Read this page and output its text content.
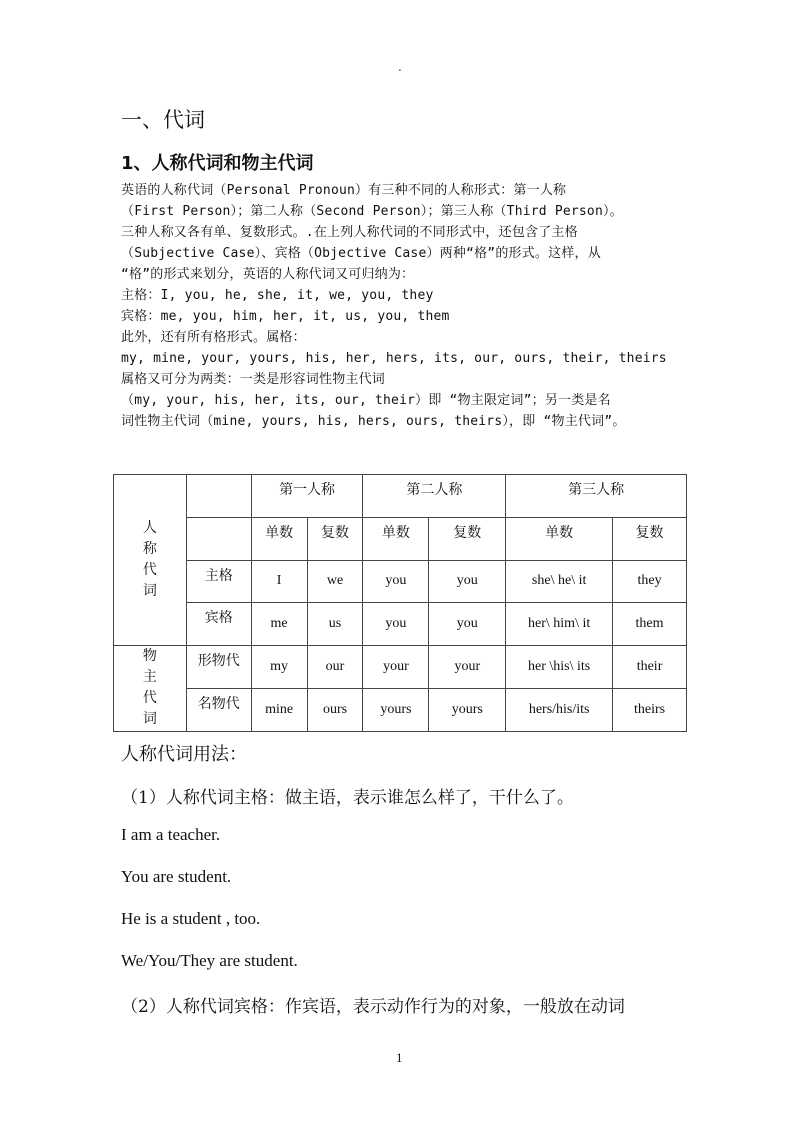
.
一、代词
1、人称代词和物主代词
英语的人称代词（Personal Pronoun）有三种不同的人称形式：第一人称
（First Person）；第二人称（Second Person）；第三人称（Third Person）。
三种人称又各有单、复数形式。.在上列人称代词的不同形式中，还包含了主格
（Subjective Case）、宾格（Objective Case）两种“格”的形式。这样，从
“格”的形式来划分，英语的人称代词又可归纳为：
主格：I, you, he, she, it, we, you, they
宾格：me, you, him, her, it, us, you, them
此外，还有所有格形式。属格：
my, mine, your, yours, his, her, hers, its, our, ours, their, theirs
属格又可分为两类：一类是形容词性物主代词
（my, your, his, her, its, our, their）即 “物主限定词”；另一类是名
词性物主代词（mine, yours, his, hers, ours, theirs），即 “物主代词”。
人
称
代
词		第一人称		第二人称		第三人称	
		单数	复数	单数	复数	单数	复数
	主格	I	we	you	you	she\ he\ it	they
	宾格	me	us	you	you	her\ him\ it	them

物
主
代
词	形物代	my	our	your	your	her \his\ its	their
	名物代	mine	ours	yours	yours	hers/his/its	theirs
人称代词用法：
（1）人称代词主格：做主语，表示谁怎么样了，干什么了。
I am a teacher.
You are student.
He is a student , too.
We/You/They are student.
（2）人称代词宾格：作宾语，表示动作行为的对象，一般放在动词
1
